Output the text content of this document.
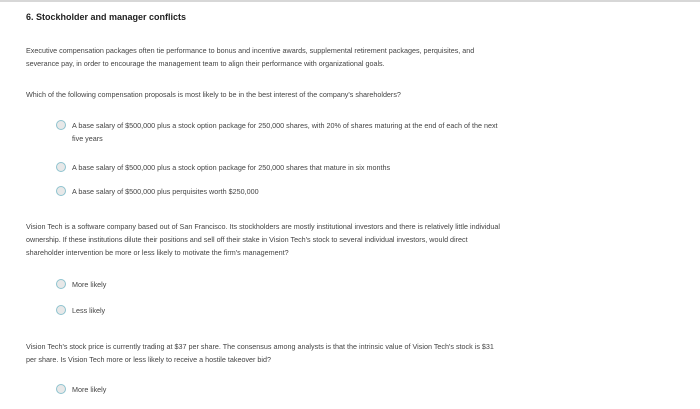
6. Stockholder and manager conflicts
Executive compensation packages often tie performance to bonus and incentive awards, supplemental retirement packages, perquisites, and
severance pay, in order to encourage the management team to align their performance with organizational goals.
Which of the following compensation proposals is most likely to be in the best interest of the company's shareholders?
A base salary of $500,000 plus a stock option package for 250,000 shares, with 20% of shares maturing at the end of each of the next
five years
A base salary of $500,000 plus a stock option package for 250,000 shares that mature in six months
A base salary of $500,000 plus perquisites worth $250,000
Vision Tech is a software company based out of San Francisco. Its stockholders are mostly institutional investors and there is relatively little individual
ownership. If these institutions dilute their positions and sell off their stake in Vision Tech's stock to several individual investors, would direct
shareholder intervention be more or less likely to motivate the firm's management?
More likely
Less likely
Vision Tech's stock price is currently trading at $37 per share. The consensus among analysts is that the intrinsic value of Vision Tech's stock is $31
per share. Is Vision Tech more or less likely to receive a hostile takeover bid?
More likely
